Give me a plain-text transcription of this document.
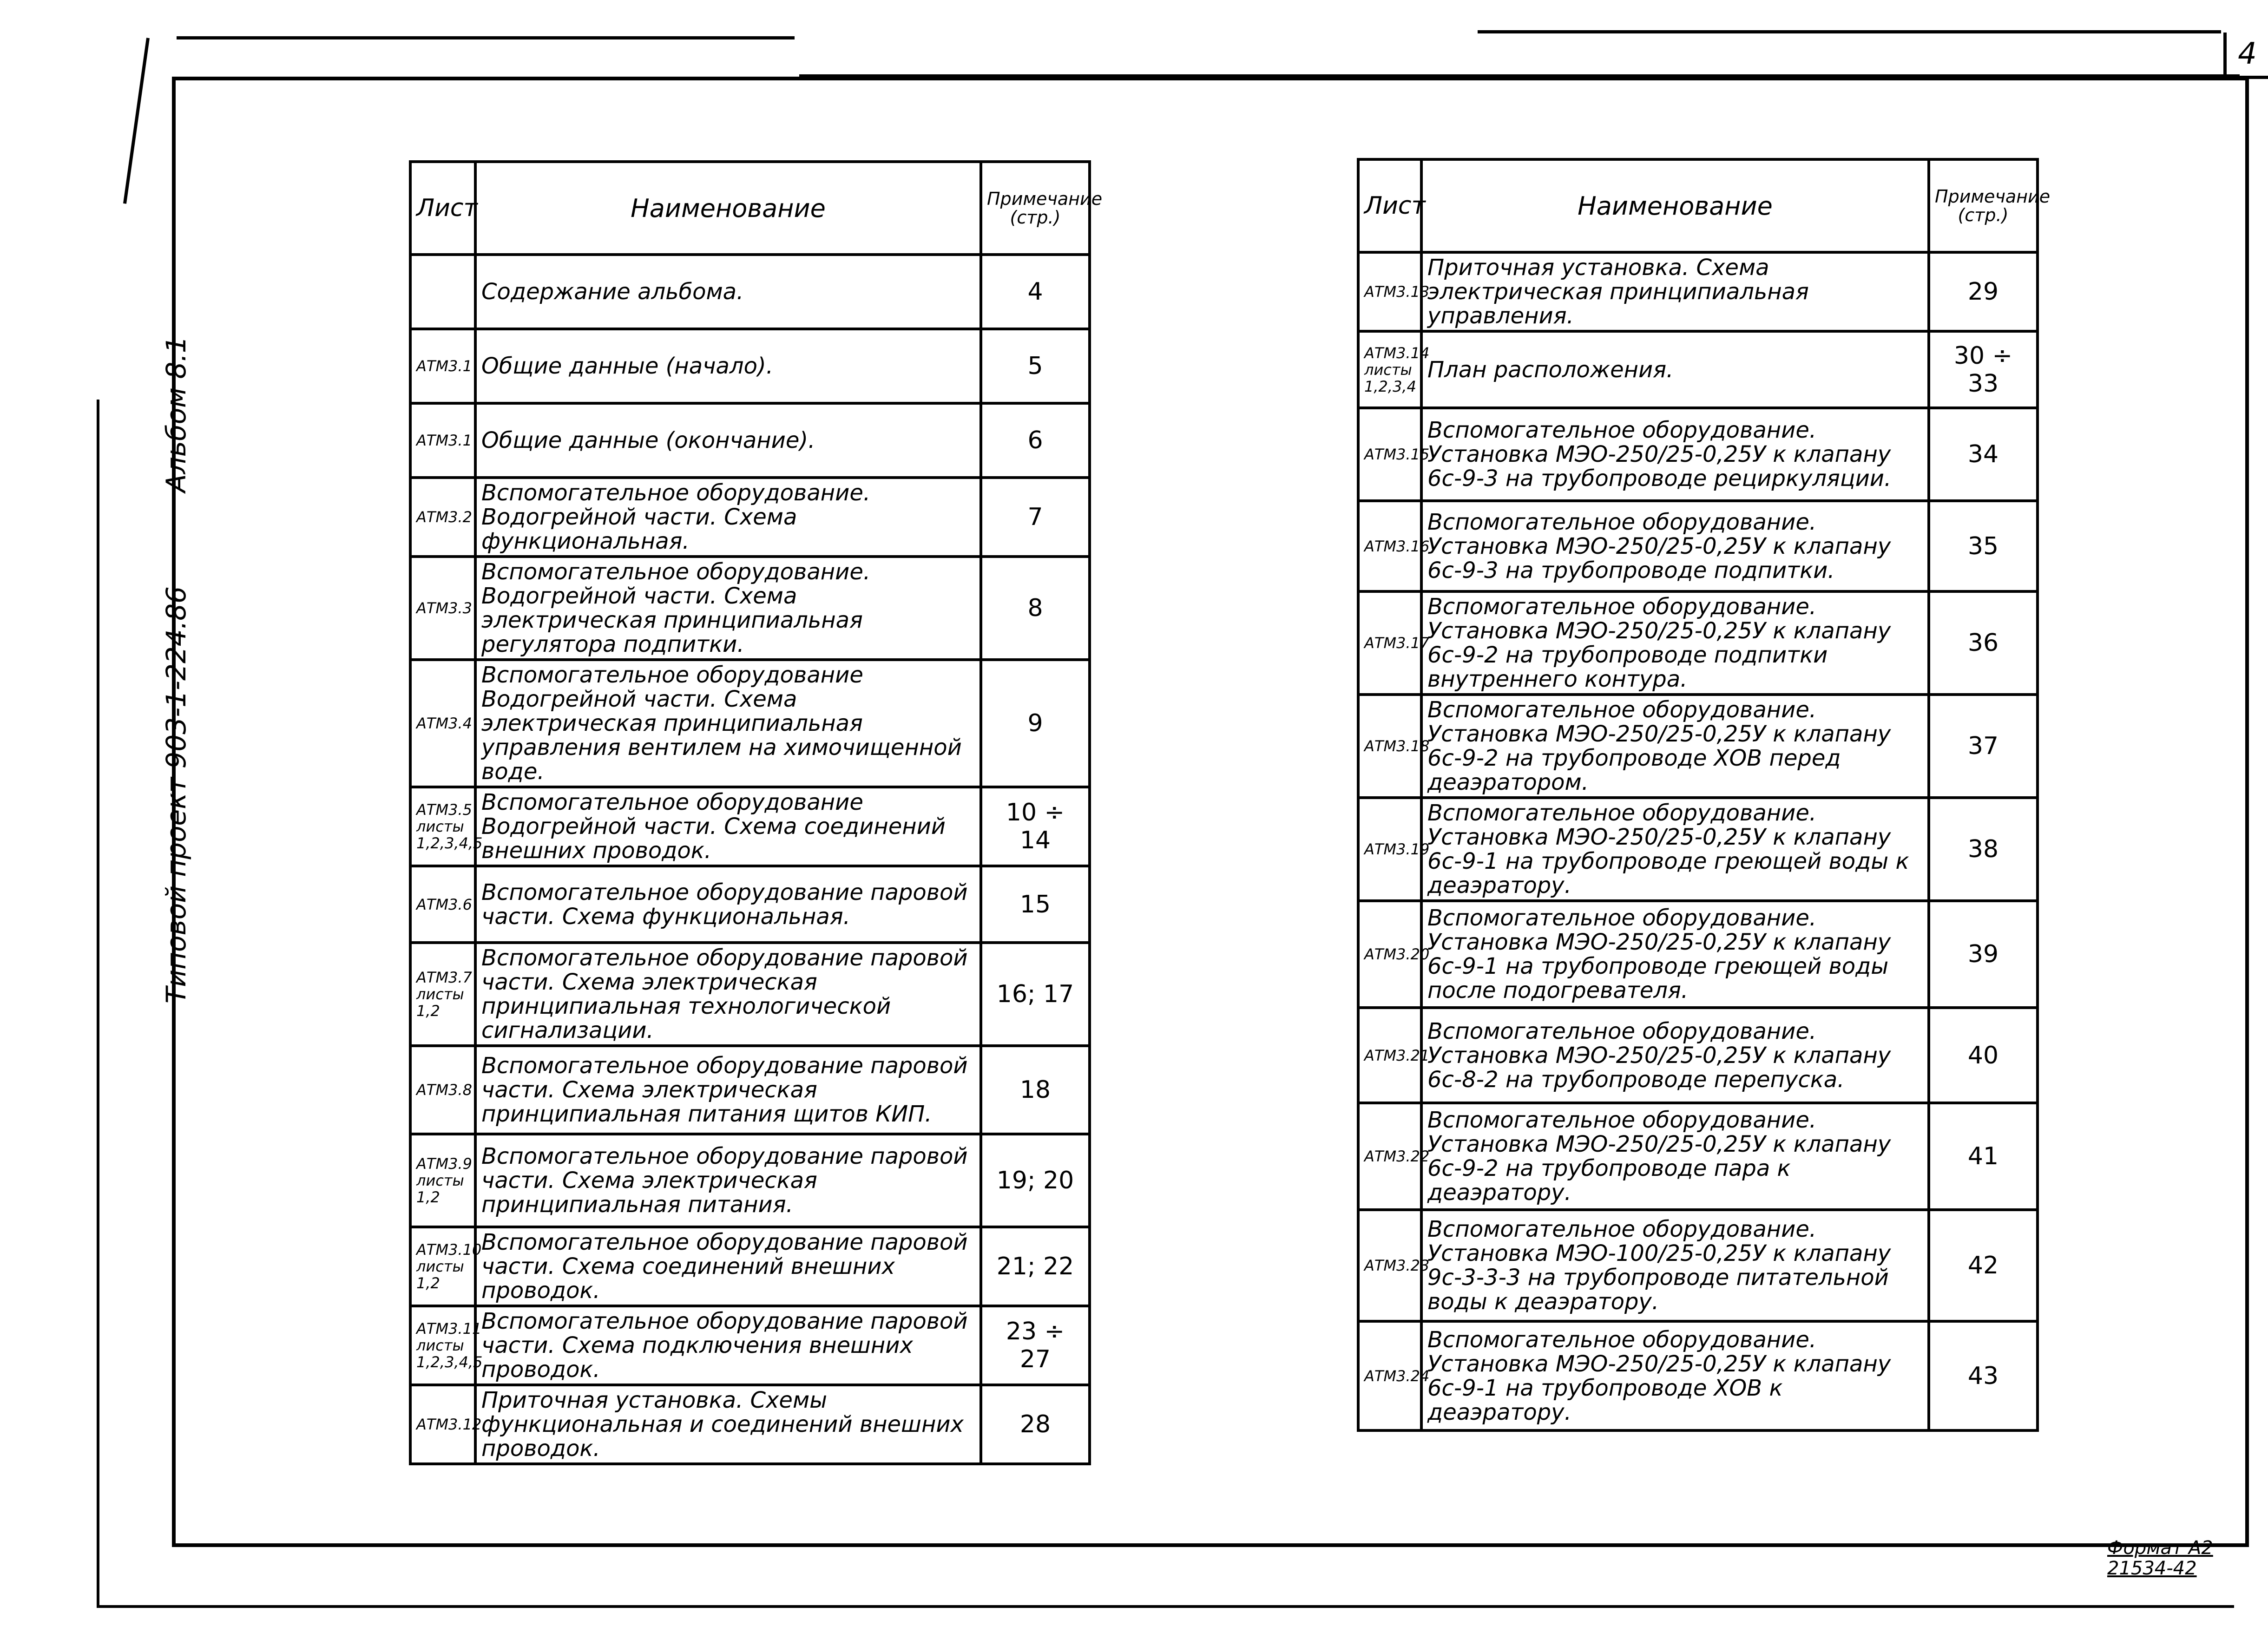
4
Типовой проект 903-1-224.86
Альбом 8.1
Формат А2
21534-42
Лист	Наименование	Примечание
(стр.)

	Содержание альбома.	4
АТМ3.1	Общие данные (начало).	5
АТМ3.1	Общие данные (окончание).	6
АТМ3.2	Вспомогательное оборудование. Водогрейной части. Схема функциональная.	7
АТМ3.3	Вспомогательное оборудование. Водогрейной части. Схема электрическая принципиальная регулятора подпитки.	8
АТМ3.4	Вспомогательное оборудование Водогрейной части. Схема электрическая принципиальная управления вентилем на химочищенной воде.	9
АТМ3.5 листы 1,2,3,4,5	Вспомогательное оборудование Водогрейной части. Схема соединений внешних проводок.	10 ÷ 14
АТМ3.6	Вспомогательное оборудование паровой части. Схема функциональная.	15
АТМ3.7 листы 1,2	Вспомогательное оборудование паровой части. Схема электрическая принципиальная технологической сигнализации.	16; 17
АТМ3.8	Вспомогательное оборудование паровой части. Схема электрическая принципиальная питания щитов КИП.	18
АТМ3.9 листы 1,2	Вспомогательное оборудование паровой части. Схема электрическая принципиальная питания.	19; 20
АТМ3.10 листы 1,2	Вспомогательное оборудование паровой части. Схема соединений внешних проводок.	21; 22
АТМ3.11 листы 1,2,3,4,5	Вспомогательное оборудование паровой части. Схема подключения внешних проводок.	23 ÷ 27
АТМ3.12	Приточная установка. Схемы функциональная и соединений внешних проводок.	28
Лист	Наименование	Примечание
(стр.)

АТМ3.13	Приточная установка. Схема электрическая принципиальная управления.	29
АТМ3.14 листы 1,2,3,4	План расположения.	30 ÷ 33
АТМ3.15	Вспомогательное оборудование. Установка МЭО-250/25-0,25У к клапану 6с-9-3 на трубопроводе рециркуляции.	34
АТМ3.16	Вспомогательное оборудование. Установка МЭО-250/25-0,25У к клапану 6с-9-3 на трубопроводе подпитки.	35
АТМ3.17	Вспомогательное оборудование. Установка МЭО-250/25-0,25У к клапану 6с-9-2 на трубопроводе подпитки внутреннего контура.	36
АТМ3.18	Вспомогательное оборудование. Установка МЭО-250/25-0,25У к клапану 6с-9-2 на трубопроводе ХОВ перед деаэратором.	37
АТМ3.19	Вспомогательное оборудование. Установка МЭО-250/25-0,25У к клапану 6с-9-1 на трубопроводе греющей воды к деаэратору.	38
АТМ3.20	Вспомогательное оборудование. Установка МЭО-250/25-0,25У к клапану 6с-9-1 на трубопроводе греющей воды после подогревателя.	39
АТМ3.21	Вспомогательное оборудование. Установка МЭО-250/25-0,25У к клапану 6с-8-2 на трубопроводе перепуска.	40
АТМ3.22	Вспомогательное оборудование. Установка МЭО-250/25-0,25У к клапану 6с-9-2 на трубопроводе пара к деаэратору.	41
АТМ3.23	Вспомогательное оборудование. Установка МЭО-100/25-0,25У к клапану 9с-3-3-3 на трубопроводе питательной воды к деаэратору.	42
АТМ3.24	Вспомогательное оборудование. Установка МЭО-250/25-0,25У к клапану 6с-9-1 на трубопроводе ХОВ к деаэратору.	43
